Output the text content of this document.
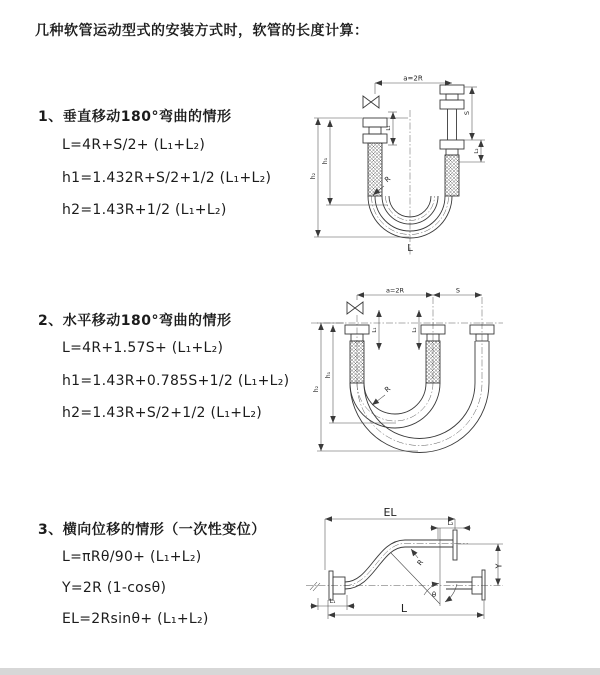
几种软管运动型式的安装方式时，软管的长度计算：
1、垂直移动180°弯曲的情形
L=4R+S/2+ (L₁+L₂)
h1=1.432R+S/2+1/2 (L₁+L₂)
h2=1.43R+1/2 (L₁+L₂)
2、水平移动180°弯曲的情形
L=4R+1.57S+ (L₁+L₂)
h1=1.43R+0.785S+1/2 (L₁+L₂)
h2=1.43R+S/2+1/2 (L₁+L₂)
3、横向位移的情形（一次性变位）
L=πRθ/90+ (L₁+L₂)
Y=2R (1-cosθ)
EL=2Rsinθ+ (L₁+L₂)
a=2R
L₁
S
L₂
h₁
h₂	R
L
a=2R	S
L₁	L₂
h₁
h₂	R
EL
L₂
Y
R
θ
L
L₁
